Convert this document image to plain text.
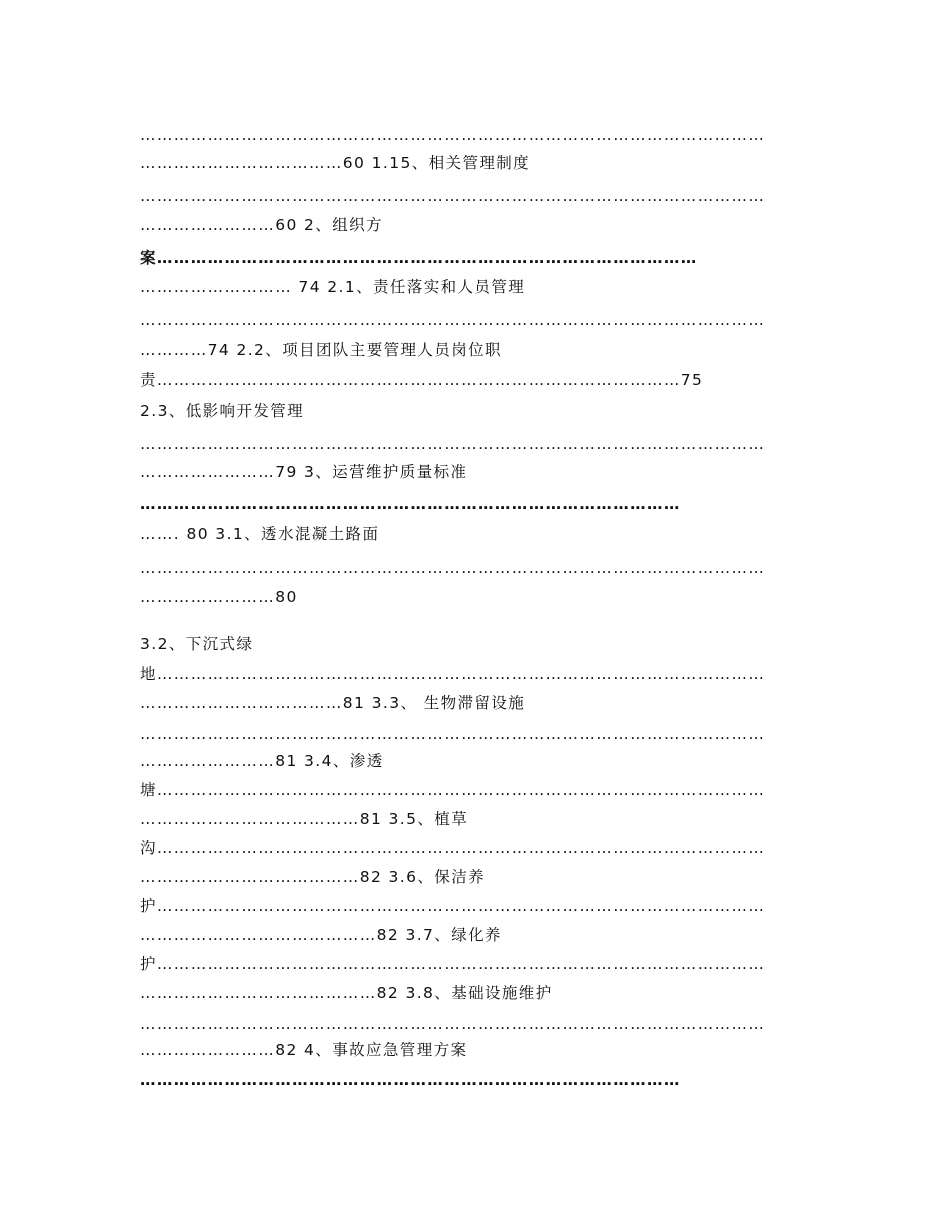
…………………………………………………………………………………………………
………………………………60 1.15、相关管理制度
…………………………………………………………………………………………………
……………………60 2、组织方
案……………………………………………………………………………………
……………………… 74 2.1、责任落实和人员管理
…………………………………………………………………………………………………
…………74 2.2、项目团队主要管理人员岗位职
责…………………………………………………………………………………75
2.3、低影响开发管理
…………………………………………………………………………………………………
……………………79 3、运营维护质量标准
……………………………………………………………………………………
……. 80 3.1、透水混凝土路面
…………………………………………………………………………………………………
……………………80
3.2、下沉式绿
地………………………………………………………………………………………………
………………………………81 3.3、 生物滞留设施
…………………………………………………………………………………………………
……………………81 3.4、渗透
塘………………………………………………………………………………………………
…………………………………81 3.5、植草
沟………………………………………………………………………………………………
…………………………………82 3.6、保洁养
护………………………………………………………………………………………………
……………………………………82 3.7、绿化养
护………………………………………………………………………………………………
……………………………………82 3.8、基础设施维护
…………………………………………………………………………………………………
……………………82 4、事故应急管理方案
……………………………………………………………………………………
